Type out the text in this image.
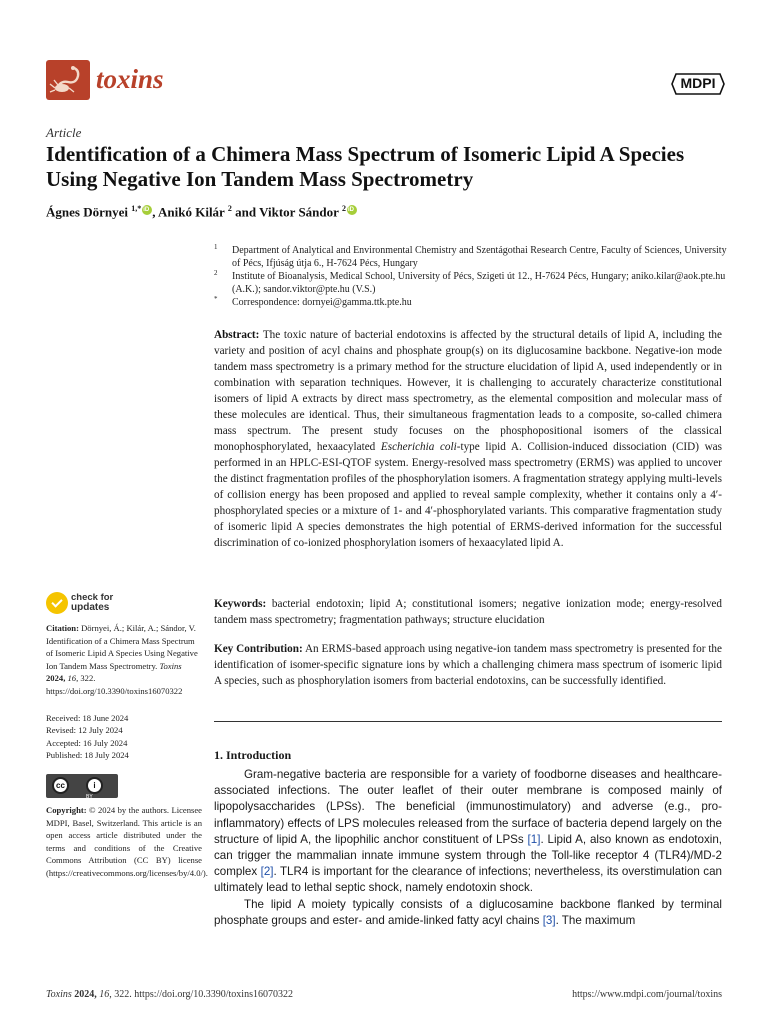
toxins	MDPI
Article
Identification of a Chimera Mass Spectrum of Isomeric Lipid A Species Using Negative Ion Tandem Mass Spectrometry
Ágnes Dörnyei $^{1,*}$iD , Anikó Kilár $^2$ and Viktor Sándor $^2$iD
1 Department of Analytical and Environmental Chemistry and Szentágothai Research Centre, Faculty of Sciences, University of Pécs, Ifjúság útja 6., H-7624 Pécs, Hungary
2 Institute of Bioanalysis, Medical School, University of Pécs, Szigeti út 12., H-7624 Pécs, Hungary; aniko.kilar@aok.pte.hu (A.K.); sandor.viktor@pte.hu (V.S.)
* Correspondence: dornyei@gamma.ttk.pte.hu
Abstract: The toxic nature of bacterial endotoxins is affected by the structural details of lipid A, including the variety and position of acyl chains and phosphate group(s) on its diglucosamine backbone. Negative-ion mode tandem mass spectrometry is a primary method for the structure elucidation of lipid A, used independently or in combination with separation techniques. However, it is challenging to accurately characterize constitutional isomers of lipid A extracts by direct mass spectrometry, as the elemental composition and molecular mass of these molecules are identical. Thus, their simultaneous fragmentation leads to a composite, so-called chimera mass spectrum. The present study focuses on the phosphopositional isomers of the classical monophosphorylated, hexaacylated Escherichia coli-type lipid A. Collision-induced dissociation (CID) was performed in an HPLC-ESI-QTOF system. Energy-resolved mass spectrometry (ERMS) was applied to uncover the distinct fragmentation profiles of the phosphorylation isomers. A fragmentation strategy applying multi-levels of collision energy has been proposed and applied to reveal sample complexity, whether it contains only a 4′-phosphorylated species or a mixture of 1- and 4′-phosphorylated variants. This comparative fragmentation study of isomeric lipid A species demonstrates the high potential of ERMS-derived information for the successful discrimination of co-ionized phosphorylation isomers of hexaacylated lipid A.
Keywords: bacterial endotoxin; lipid A; constitutional isomers; negative ionization mode; energy-resolved tandem mass spectrometry; fragmentation pathways; structure elucidation
Key Contribution: An ERMS-based approach using negative-ion tandem mass spectrometry is presented for the identification of isomer-specific signature ions by which a challenging chimera mass spectrum of isomeric lipid A species, such as phosphorylation isomers from bacterial endotoxins, can be successfully identified.
1. Introduction

Gram-negative bacteria are responsible for a variety of foodborne diseases and healthcare-associated infections. The outer leaflet of their outer membrane is composed mainly of lipopolysaccharides (LPSs). The beneficial (immunostimulatory) and adverse (e.g., pro-inflammatory) effects of LPS molecules released from the surface of bacteria depend largely on the structure of lipid A, the lipophilic anchor constituent of LPSs [1]. Lipid A, also known as endotoxin, can trigger the mammalian innate immune system through the Toll-like receptor 4 (TLR4)/MD-2 complex [2]. TLR4 is important for the clearance of infections; nevertheless, its overstimulation can ultimately lead to lethal septic shock, namely endotoxin shock.

The lipid A moiety typically consists of a diglucosamine backbone flanked by terminal phosphate groups and ester- and amide-linked fatty acyl chains [3]. The maximum

check for
updates
Citation: Dörnyei, Á.; Kilár, A.; Sándor, V. Identification of a Chimera Mass Spectrum of Isomeric Lipid A Species Using Negative Ion Tandem Mass Spectrometry. Toxins 2024, 16, 322. https://doi.org/10.3390/toxins16070322
Received: 18 June 2024
Revised: 12 July 2024
Accepted: 16 July 2024
Published: 18 July 2024
cc	i
BY
Copyright: © 2024 by the authors. Licensee MDPI, Basel, Switzerland. This article is an open access article distributed under the terms and conditions of the Creative Commons Attribution (CC BY) license (https://creativecommons.org/licenses/by/4.0/).
Toxins 2024, 16, 322. https://doi.org/10.3390/toxins16070322	https://www.mdpi.com/journal/toxins
